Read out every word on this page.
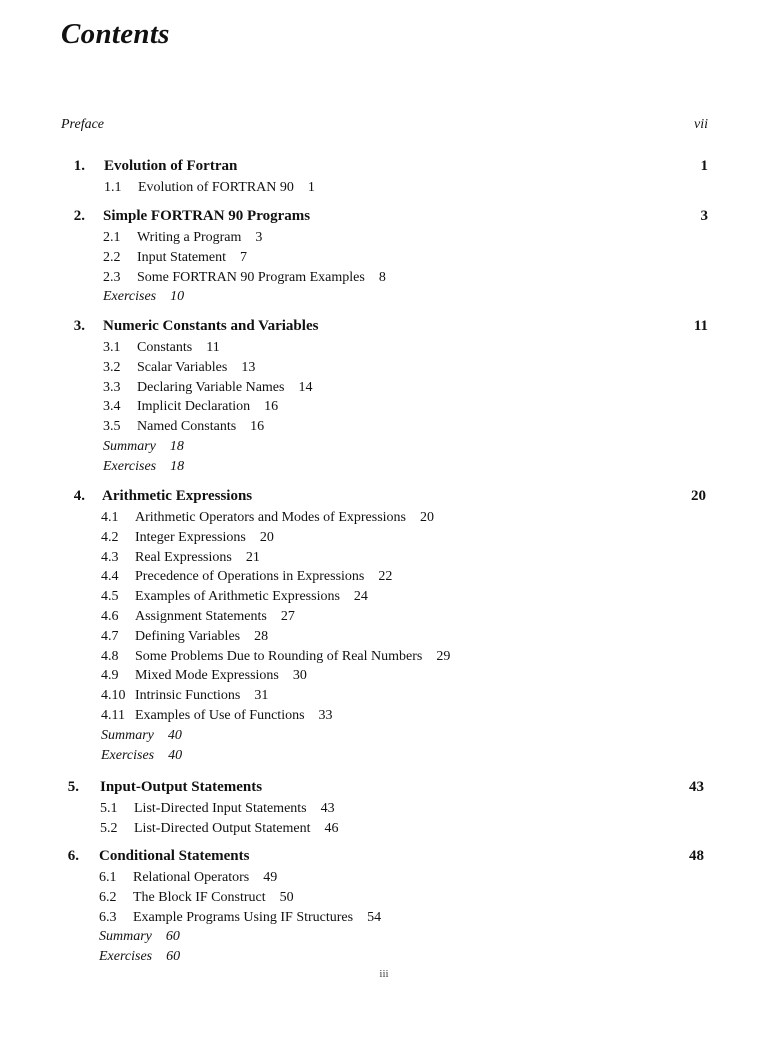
Contents
Preface	vii
1. Evolution of Fortran	1
1.1 Evolution of FORTRAN 90 1
2. Simple FORTRAN 90 Programs	3
2.1 Writing a Program 3
2.2 Input Statement 7
2.3 Some FORTRAN 90 Program Examples 8
Exercises 10
3. Numeric Constants and Variables	11
3.1 Constants 11
3.2 Scalar Variables 13
3.3 Declaring Variable Names 14
3.4 Implicit Declaration 16
3.5 Named Constants 16
Summary 18
Exercises 18
4. Arithmetic Expressions	20
4.1 Arithmetic Operators and Modes of Expressions 20
4.2 Integer Expressions 20
4.3 Real Expressions 21
4.4 Precedence of Operations in Expressions 22
4.5 Examples of Arithmetic Expressions 24
4.6 Assignment Statements 27
4.7 Defining Variables 28
4.8 Some Problems Due to Rounding of Real Numbers 29
4.9 Mixed Mode Expressions 30
4.10 Intrinsic Functions 31
4.11 Examples of Use of Functions 33
Summary 40
Exercises 40
5. Input-Output Statements	43
5.1 List-Directed Input Statements 43
5.2 List-Directed Output Statement 46
6. Conditional Statements	48
6.1 Relational Operators 49
6.2 The Block IF Construct 50
6.3 Example Programs Using IF Structures 54
Summary 60
Exercises 60
iii
